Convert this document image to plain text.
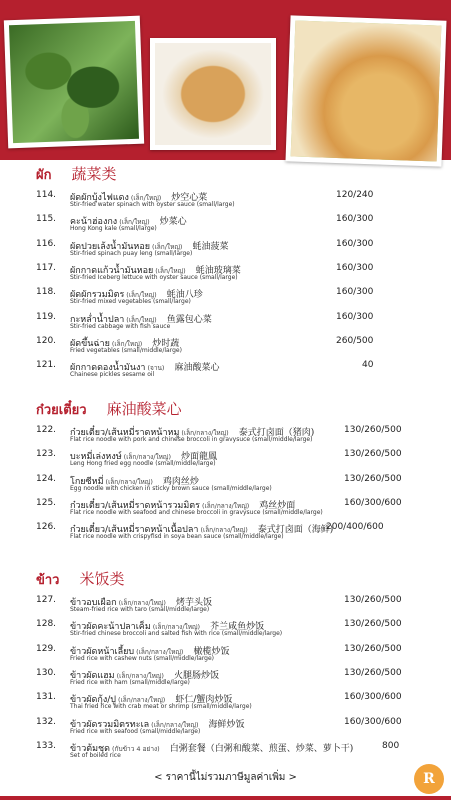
ผัก 蔬菜类
114.	ผัดผักบุ้งไฟแดง (เล็ก/ใหญ่) 炒空心菜
Stir-fried water spinach with oyster sauce (small/large)
120/240
115.	คะน้าฮ่องกง (เล็ก/ใหญ่) 炒菜心
Hong Kong kale (small/large)
160/300
116.	ผัดปวยเล้งน้ำมันหอย (เล็ก/ใหญ่) 蚝油菠菜
Stir-fried spinach puay leng (small/large)
160/300
117.	ผักกาดแก้วน้ำมันหอย (เล็ก/ใหญ่) 蚝油玻璃菜
Stir-fried Iceberg lettuce with oyster sauce (small/large)
160/300
118.	ผัดผักรวมมิตร (เล็ก/ใหญ่) 蚝油八珍
Stir-fried mixed vegetables (small/large)
160/300
119.	กะหล่ำน้ำปลา (เล็ก/ใหญ่) 鱼露包心菜
Stir-fried cabbage with fish sauce
160/300
120.	ผัดขึ้นฉ่าย (เล็ก/ใหญ่) 炒时蔬
Fried vegetables (small/middle/large)
260/500
121.	ผักกาดดองน้ำมันงา (จาน) 麻油酸菜心
Chainese pickles sesame oil
40
ก๋วยเตี๋ยว 麻油酸菜心
122.	ก๋วยเตี๋ยว/เส้นหมี่ราดหน้าหมู (เล็ก/กลาง/ใหญ่) 泰式打卤面（猪肉)
Flat rice noodle with pork and chinese broccoli in gravysuce (small/middle/large)
130/260/500
123.	บะหมี่เล่งหงษ์ (เล็ก/กลาง/ใหญ่) 炒面龍鳳
Leng Hong fried egg noodle (small/middle/large)
130/260/500
124.	โกยซีหมี่ (เล็ก/กลาง/ใหญ่) 鸡肉丝炒
Egg noodle with chicken in sticky brown sauce (small/middle/large)
130/260/500
125.	ก๋วยเตี๋ยว/เส้นหมี่ราดหน้ารวมมิตร (เล็ก/กลาง/ใหญ่) 鸡丝炒面
Flat rice noodle with seafood and chinese broccoli in gravysuce (small/middle/large)
160/300/600
126.	ก๋วยเตี๋ยว/เส้นหมี่ราดหน้าเนื้อปลา (เล็ก/กลาง/ใหญ่) 泰式打卤面（海鲜)
Flat rice noodle with crispyfisd in soya bean sauce (small/middle/large)
200/400/600
ข้าว 米饭类
127.	ข้าวอบเผือก (เล็ก/กลาง/ใหญ่) 烤芋头饭
Steam-fried rice with taro (small/middle/large)
130/260/500
128.	ข้าวผัดคะน้าปลาเค็ม (เล็ก/กลาง/ใหญ่) 芥兰咸鱼炒饭
Stir-fried chinese broccoli and salted fish with rice (small/middle/large)
130/260/500
129.	ข้าวผัดหน้าเลี้ยบ (เล็ก/กลาง/ใหญ่) 橄榄炒饭
Fried rice with cashew nuts (small/middle/large)
130/260/500
130.	ข้าวผัดแฮม (เล็ก/กลาง/ใหญ่) 火腿肠炒饭
Fried rice with ham (small/middle/large)
130/260/500
131.	ข้าวผัดกุ้ง/ปู (เล็ก/กลาง/ใหญ่) 虾仁/蟹肉炒饭
Thai fried rice with crab meat or shrimp (small/middle/large)
160/300/600
132.	ข้าวผัดรวมมิตรทะเล (เล็ก/กลาง/ใหญ่) 海鲜炒饭
Fried rice with seafood (small/middle/large)
160/300/600
133.	ข้าวต้มชุด (กับข้าว 4 อย่าง) 白粥套餐（白粥和酸菜、煎蛋、炒菜、萝卜干)
Set of boiled rice
800
< ราคานี้ไม่รวมภาษีมูลค่าเพิ่ม >	R
